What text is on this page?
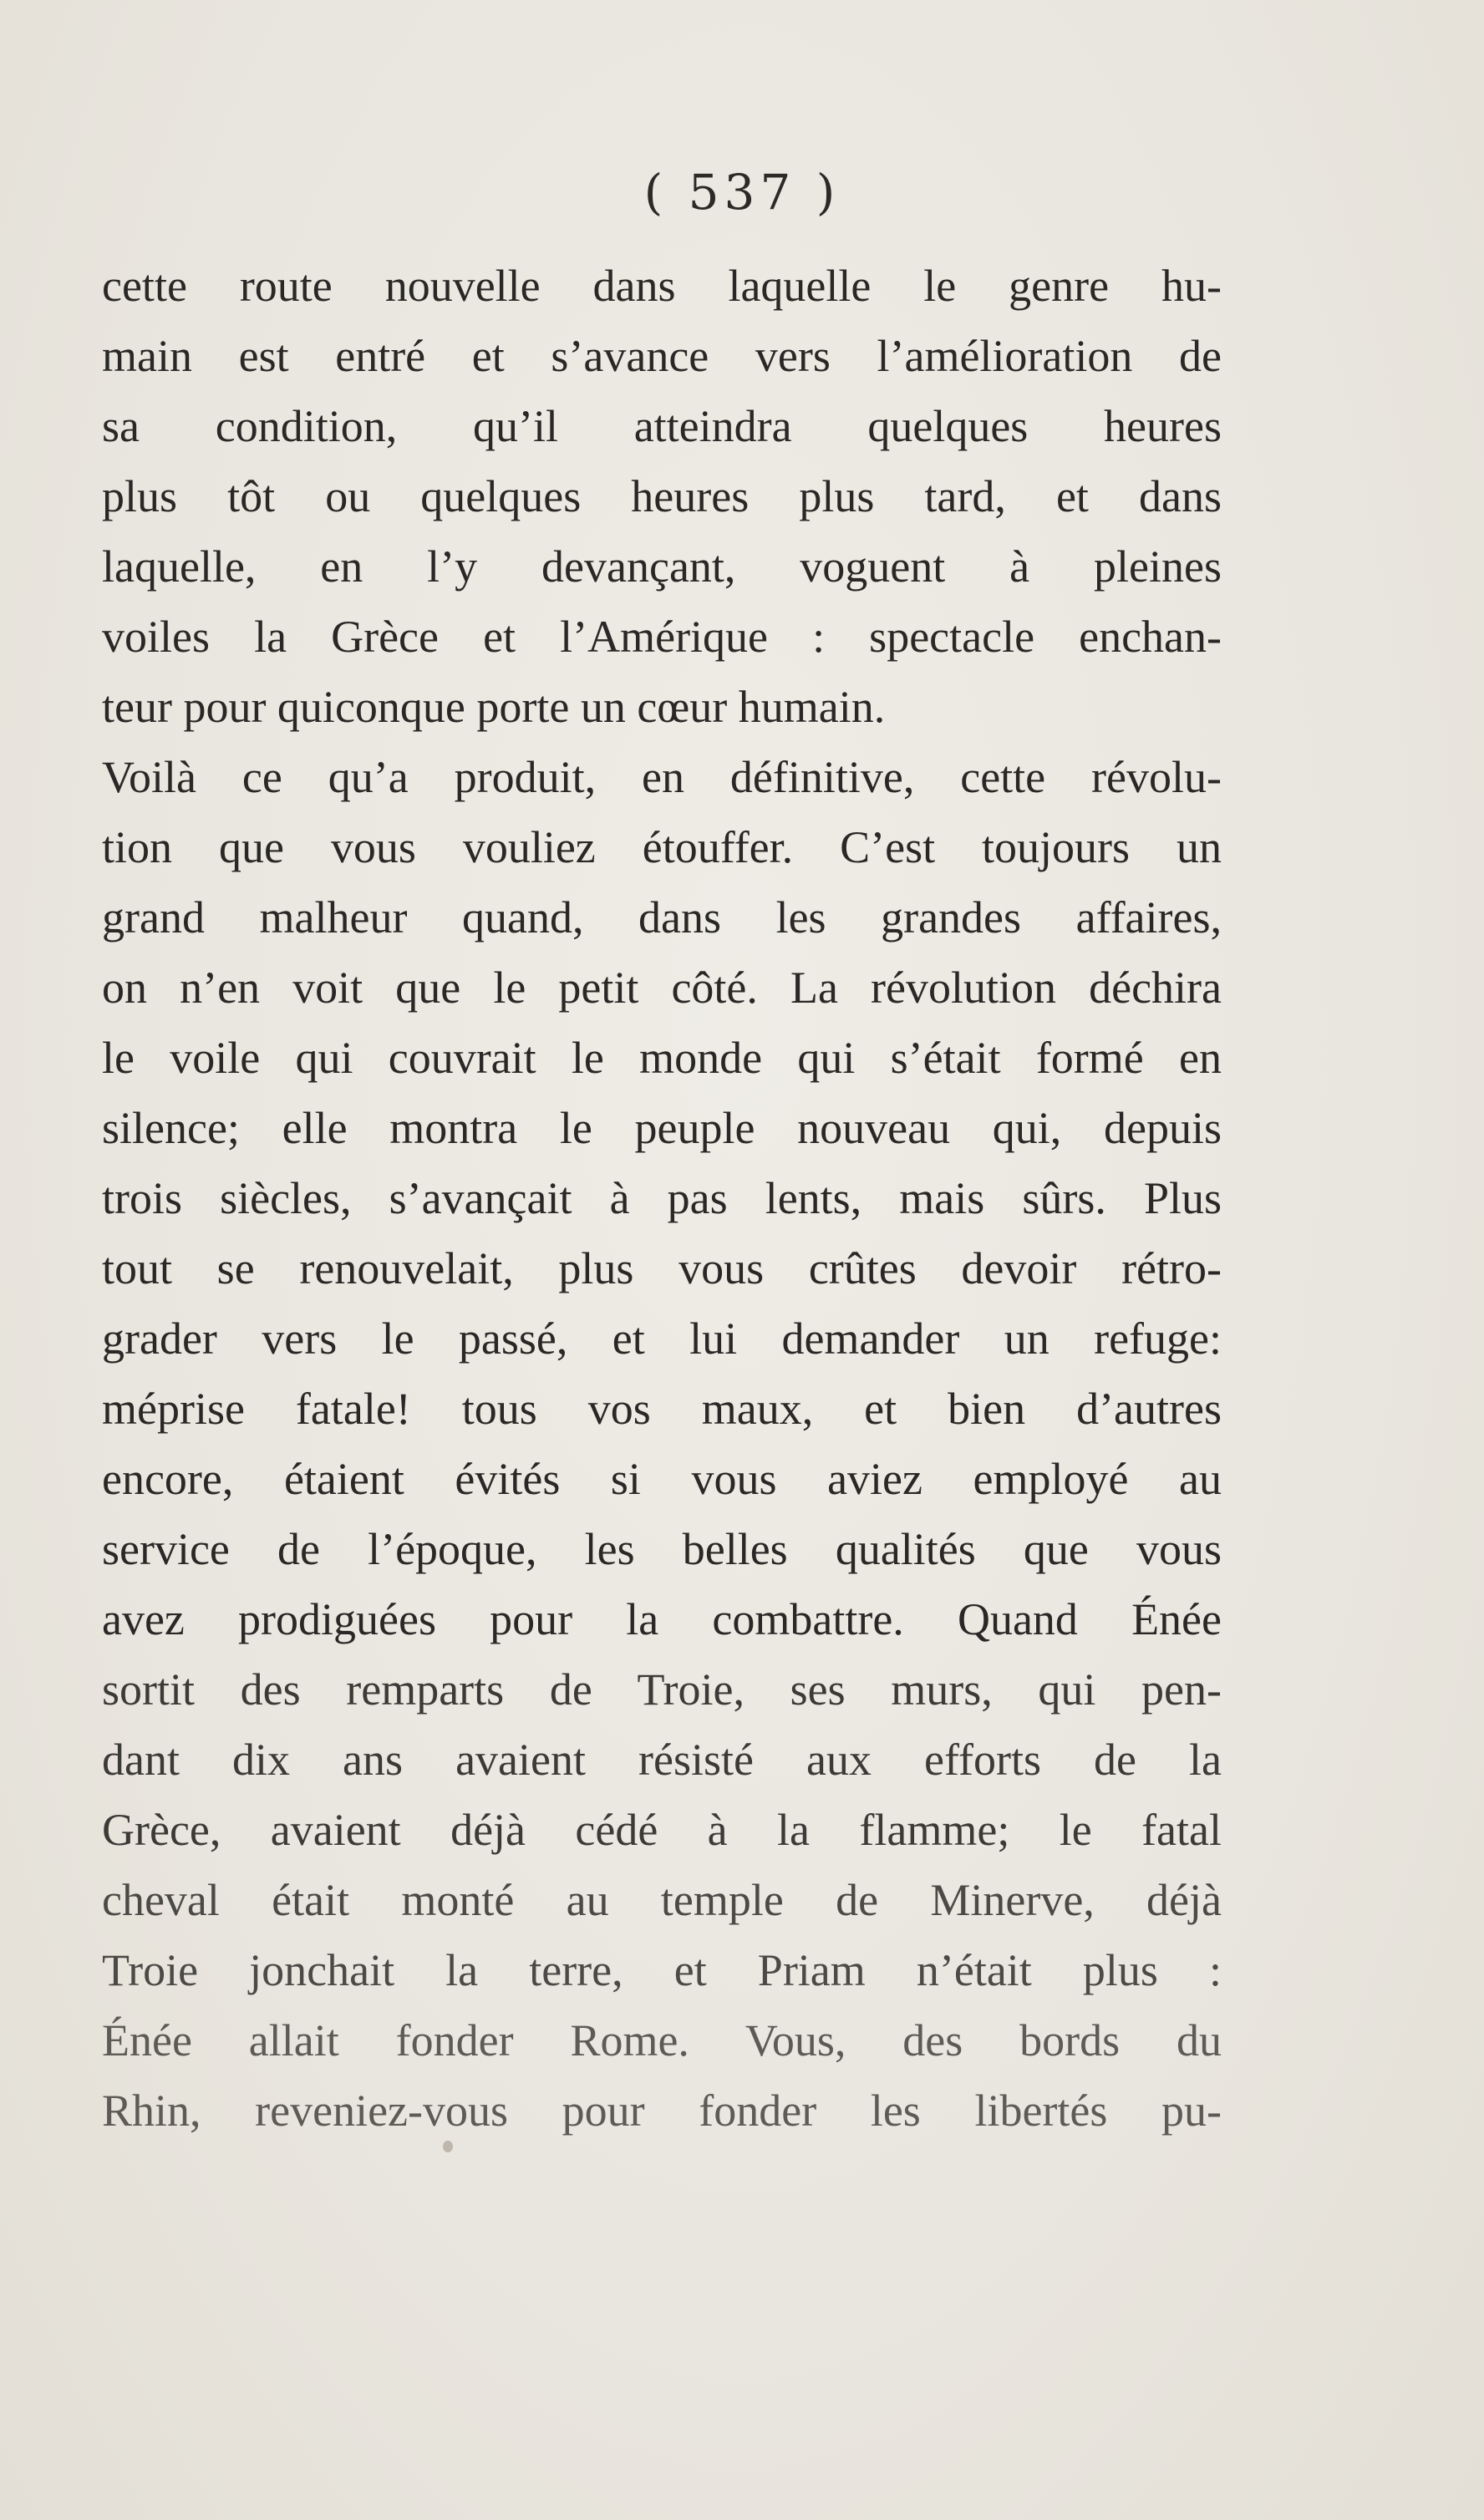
( 537 )
cette route nouvelle dans laquelle le genre hu-
main est entré et s’avance vers l’amélioration de
sa condition, qu’il atteindra quelques heures
plus tôt ou quelques heures plus tard, et dans
laquelle, en l’y devançant, voguent à pleines
voiles la Grèce et l’Amérique : spectacle enchan-
teur pour quiconque porte un cœur humain.
Voilà ce qu’a produit, en définitive, cette révolu-
tion que vous vouliez étouffer. C’est toujours un
grand malheur quand, dans les grandes affaires,
on n’en voit que le petit côté. La révolution déchira
le voile qui couvrait le monde qui s’était formé en
silence; elle montra le peuple nouveau qui, depuis
trois siècles, s’avançait à pas lents, mais sûrs. Plus
tout se renouvelait, plus vous crûtes devoir rétro-
grader vers le passé, et lui demander un refuge:
méprise fatale! tous vos maux, et bien d’autres
encore, étaient évités si vous aviez employé au
service de l’époque, les belles qualités que vous
avez prodiguées pour la combattre. Quand Énée
sortit des remparts de Troie, ses murs, qui pen-
dant dix ans avaient résisté aux efforts de la
Grèce, avaient déjà cédé à la flamme; le fatal
cheval était monté au temple de Minerve, déjà
Troie jonchait la terre, et Priam n’était plus :
Énée allait fonder Rome. Vous, des bords du
Rhin, reveniez-vous pour fonder les libertés pu-
